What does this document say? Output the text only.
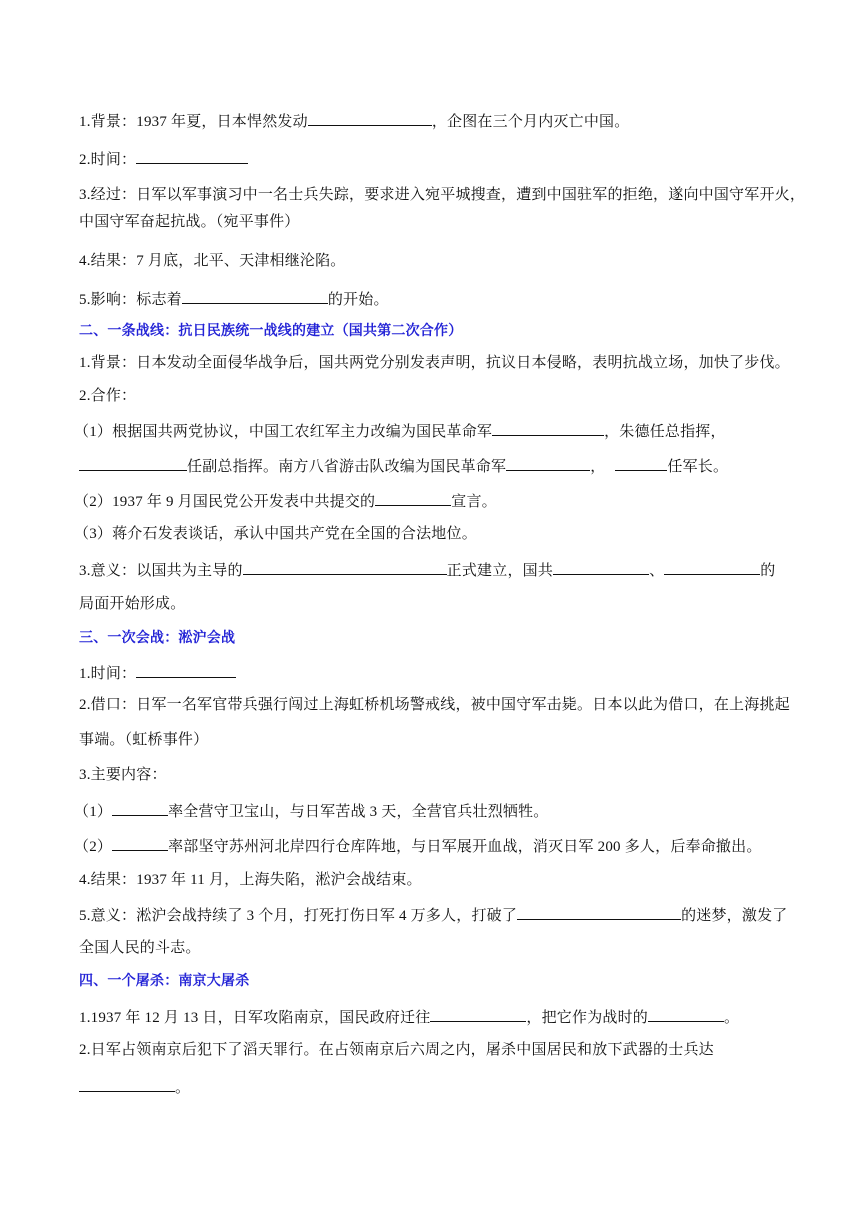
1.背景：1937 年夏，日本悍然发动	，企图在三个月内灭亡中国。
2.时间：
3.经过：日军以军事演习中一名士兵失踪，要求进入宛平城搜查，遭到中国驻军的拒绝，遂向中国守军开火，
中国守军奋起抗战。（宛平事件）
4.结果：7 月底，北平、天津相继沦陷。
5.影响：标志着	的开始。
二、一条战线：抗日民族统一战线的建立（国共第二次合作）
1.背景：日本发动全面侵华战争后，国共两党分别发表声明，抗议日本侵略，表明抗战立场，加快了步伐。
2.合作：
（1）根据国共两党协议，中国工农红军主力改编为国民革命军	，朱德任总指挥，
任副总指挥。南方八省游击队改编为国民革命军	，	任军长。
（2）1937 年 9 月国民党公开发表中共提交的	宣言。
（3）蒋介石发表谈话，承认中国共产党在全国的合法地位。
3.意义：以国共为主导的	正式建立，国共	、	的
局面开始形成。
三、一次会战：淞沪会战
1.时间：
2.借口：日军一名军官带兵强行闯过上海虹桥机场警戒线，被中国守军击毙。日本以此为借口，在上海挑起
事端。（虹桥事件）
3.主要内容：
（1）	率全营守卫宝山，与日军苦战 3 天，全营官兵壮烈牺牲。
（2）	率部坚守苏州河北岸四行仓库阵地，与日军展开血战，消灭日军 200 多人，后奉命撤出。
4.结果：1937 年 11 月，上海失陷，淞沪会战结束。
5.意义：淞沪会战持续了 3 个月，打死打伤日军 4 万多人，打破了	的迷梦，激发了
全国人民的斗志。
四、一个屠杀：南京大屠杀
1.1937 年 12 月 13 日，日军攻陷南京，国民政府迁往	，把它作为战时的	。
2.日军占领南京后犯下了滔天罪行。在占领南京后六周之内，屠杀中国居民和放下武器的士兵达
。
